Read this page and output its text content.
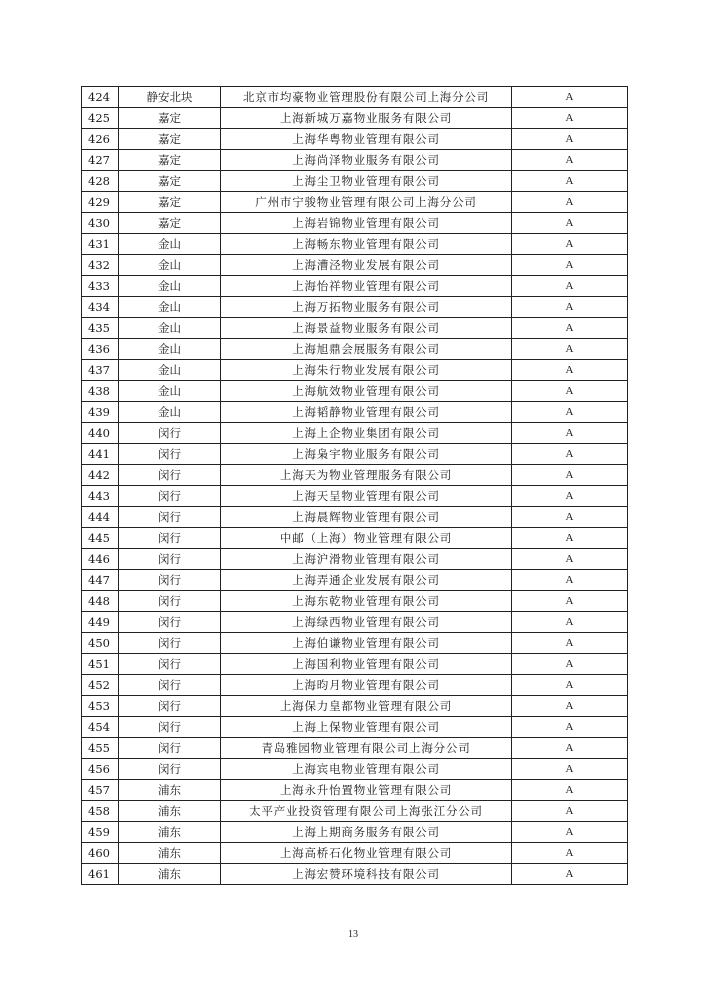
424	静安北块	北京市均豪物业管理股份有限公司上海分公司	A
425	嘉定	上海新城万嘉物业服务有限公司	A
426	嘉定	上海华粤物业管理有限公司	A
427	嘉定	上海尚泽物业服务有限公司	A
428	嘉定	上海尘卫物业管理有限公司	A
429	嘉定	广州市宁骏物业管理有限公司上海分公司	A
430	嘉定	上海岩锦物业管理有限公司	A
431	金山	上海畅东物业管理有限公司	A
432	金山	上海漕泾物业发展有限公司	A
433	金山	上海怡祥物业管理有限公司	A
434	金山	上海万拓物业服务有限公司	A
435	金山	上海景益物业服务有限公司	A
436	金山	上海旭鼎会展服务有限公司	A
437	金山	上海朱行物业发展有限公司	A
438	金山	上海航效物业管理有限公司	A
439	金山	上海韬静物业管理有限公司	A
440	闵行	上海上企物业集团有限公司	A
441	闵行	上海枭宇物业服务有限公司	A
442	闵行	上海天为物业管理服务有限公司	A
443	闵行	上海天呈物业管理有限公司	A
444	闵行	上海晨辉物业管理有限公司	A
445	闵行	中邮（上海）物业管理有限公司	A
446	闵行	上海沪滑物业管理有限公司	A
447	闵行	上海弄通企业发展有限公司	A
448	闵行	上海东乾物业管理有限公司	A
449	闵行	上海绿西物业管理有限公司	A
450	闵行	上海伯谦物业管理有限公司	A
451	闵行	上海国利物业管理有限公司	A
452	闵行	上海昀月物业管理有限公司	A
453	闵行	上海保力皇都物业管理有限公司	A
454	闵行	上海上保物业管理有限公司	A
455	闵行	青岛雅园物业管理有限公司上海分公司	A
456	闵行	上海宾电物业管理有限公司	A
457	浦东	上海永升怡置物业管理有限公司	A
458	浦东	太平产业投资管理有限公司上海张江分公司	A
459	浦东	上海上期商务服务有限公司	A
460	浦东	上海高桥石化物业管理有限公司	A
461	浦东	上海宏赞环境科技有限公司	A
13
